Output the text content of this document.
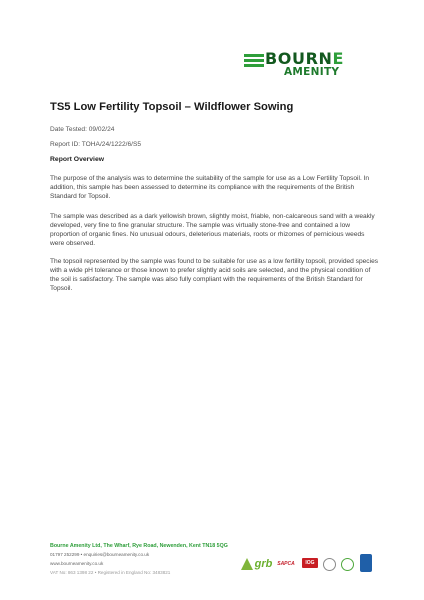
BOURNE
AMENITY
TS5 Low Fertility Topsoil – Wildflower Sowing
Date Tested: 09/02/24
Report ID: TOHA/24/1222/6/S5
Report Overview

The purpose of the analysis was to determine the suitability of the sample for use as a Low Fertility Topsoil. In addition, this sample has been assessed to determine its compliance with the requirements of the British Standard for Topsoil.

The sample was described as a dark yellowish brown, slightly moist, friable, non-calcareous sand with a weakly developed, very fine to fine granular structure. The sample was virtually stone-free and contained a low proportion of organic fines. No unusual odours, deleterious materials, roots or rhizomes of pernicious weeds were observed.

The topsoil represented by the sample was found to be suitable for use as a low fertility topsoil, provided species with a wide pH tolerance or those known to prefer slightly acid soils are selected, and the physical condition of the soil is satisfactory. The sample was also fully compliant with the requirements of the British Standard for Topsoil.

Bourne Amenity Ltd, The Wharf, Rye Road, Newenden, Kent TN18 5QG
01797 252299 • enquiries@bourneamenity.co.uk
www.bourneamenity.co.uk
VAT No: 863 1398 22 • Registered in England No: 3483821
grb SAPCA	IOG
